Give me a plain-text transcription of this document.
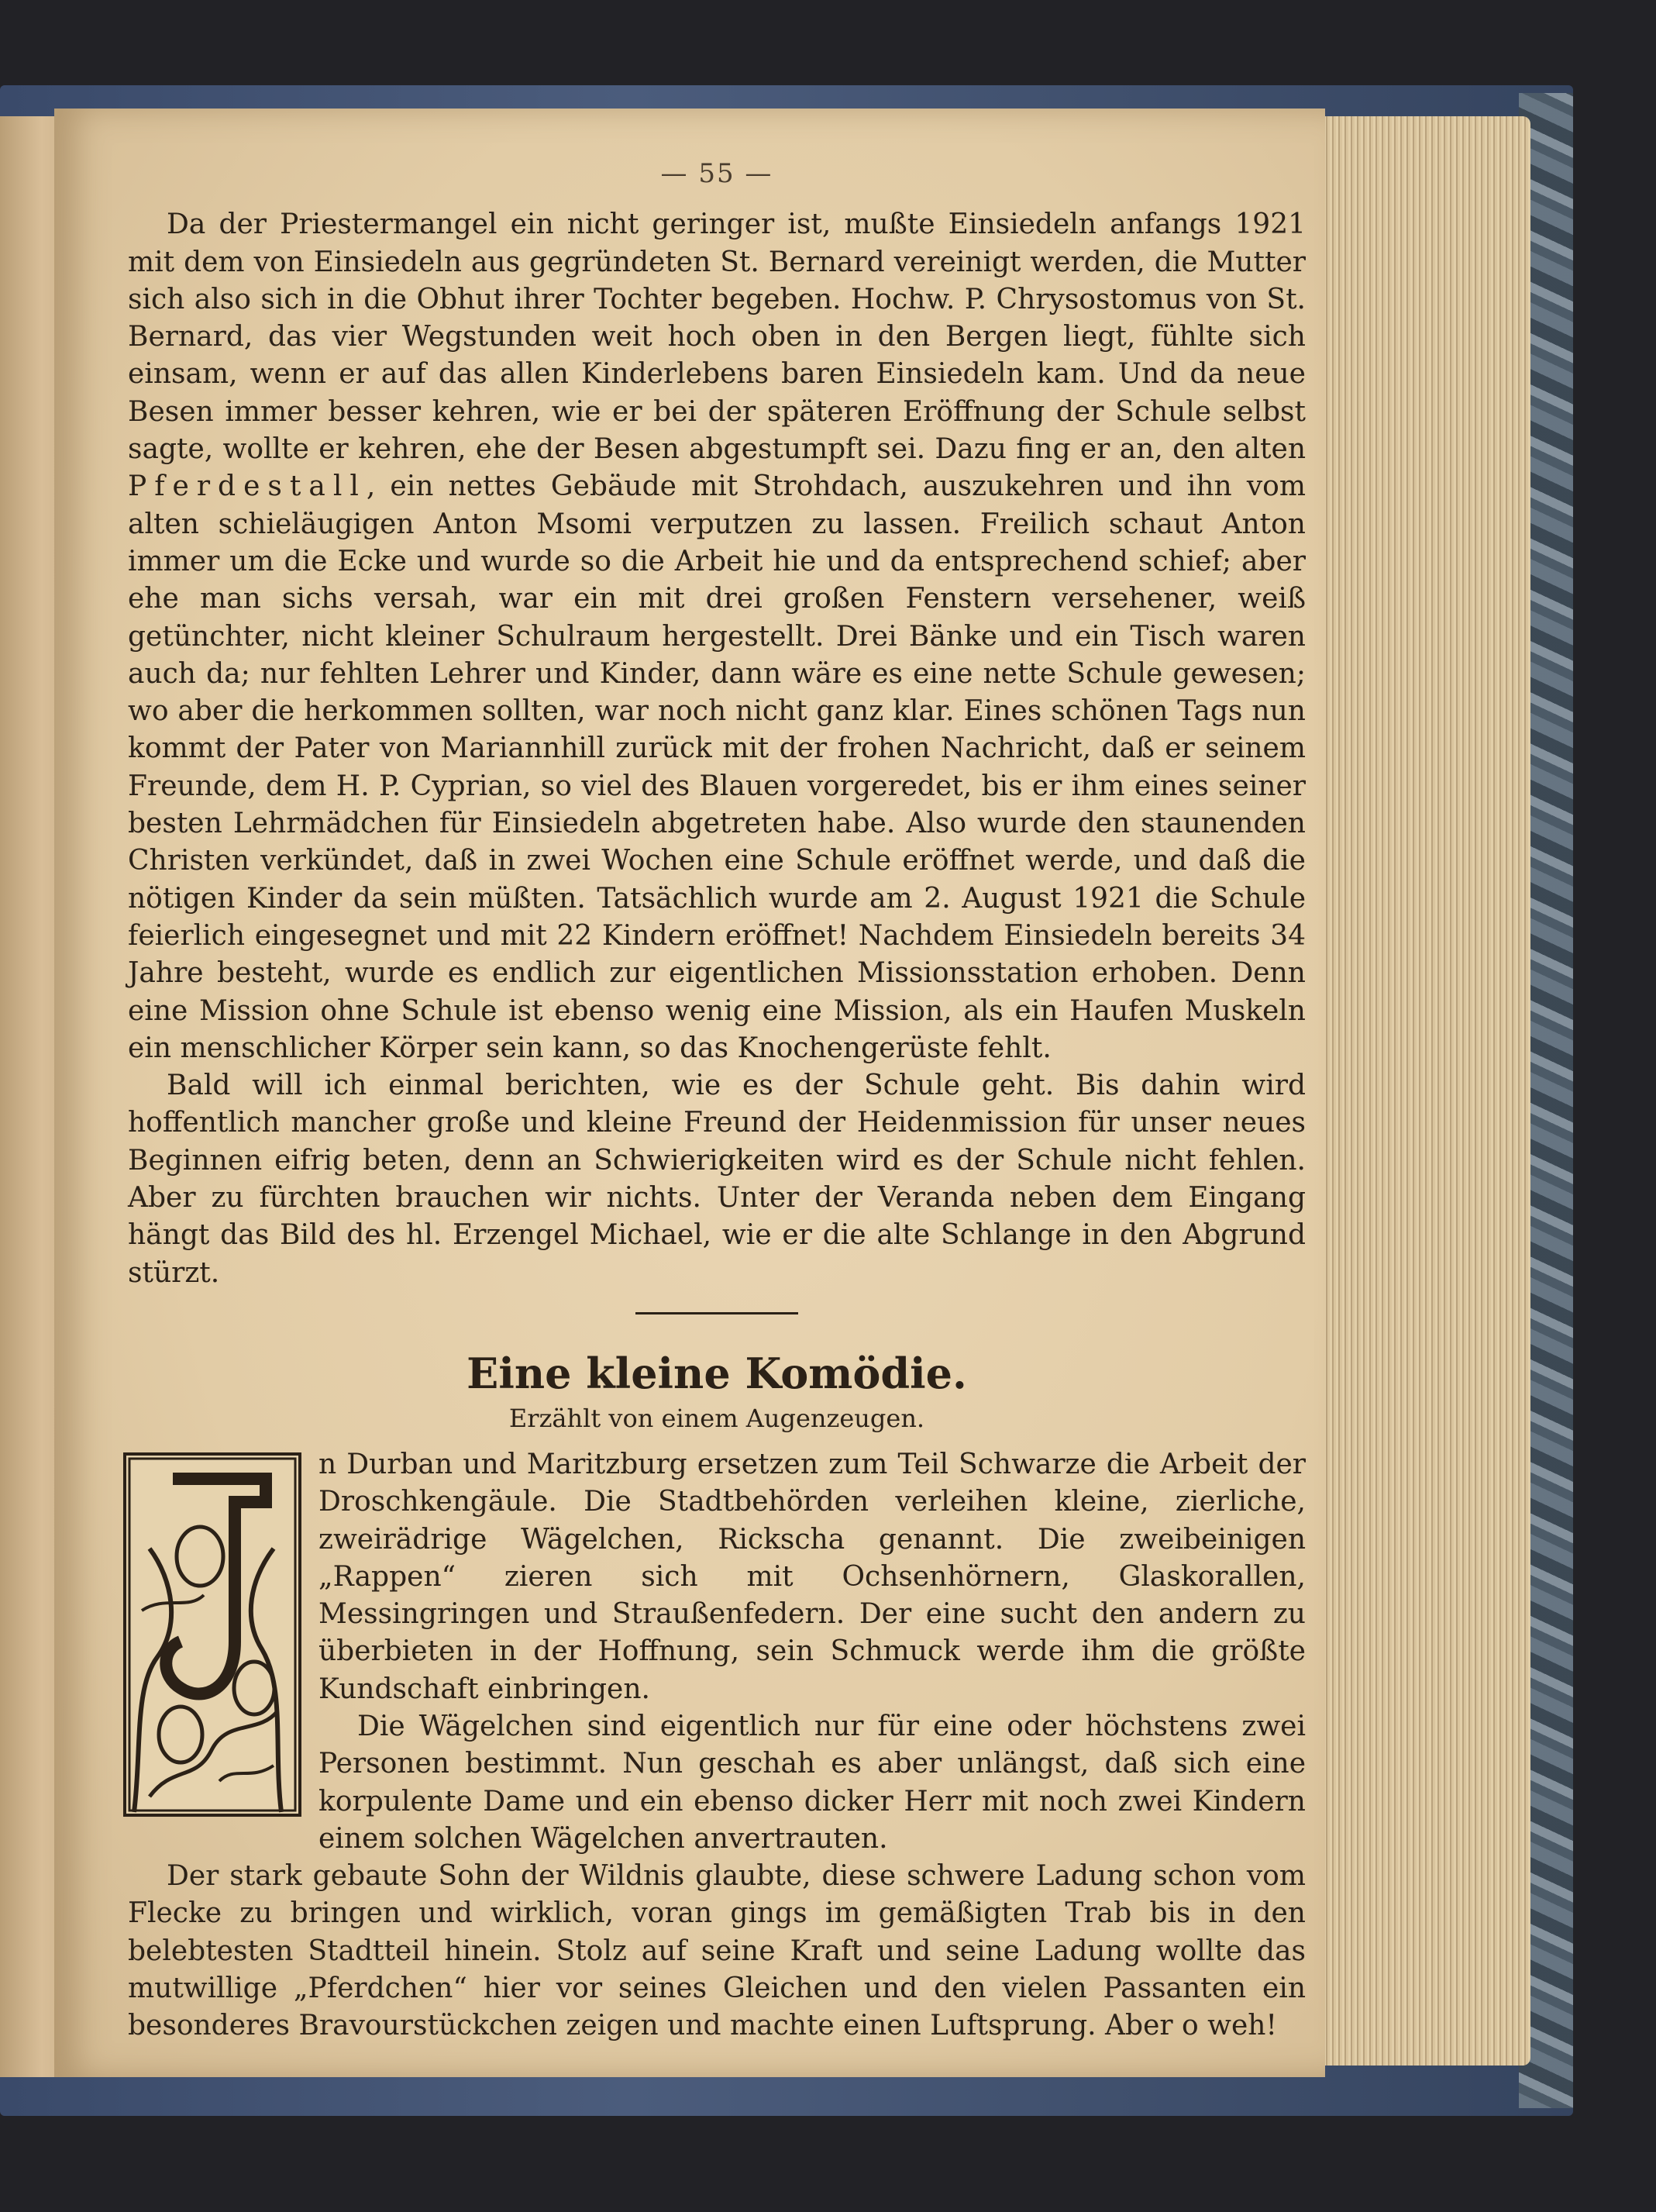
— 55 —

Da der Priestermangel ein nicht geringer ist, mußte Einsiedeln anfangs 1921 mit dem von Einsiedeln aus gegründeten St. Bernard vereinigt werden, die Mutter sich also sich in die Obhut ihrer Tochter begeben. Hochw. P. Chrysostomus von St. Bernard, das vier Wegstunden weit hoch oben in den Bergen liegt, fühlte sich einsam, wenn er auf das allen Kinderlebens baren Einsiedeln kam. Und da neue Besen immer besser kehren, wie er bei der späteren Eröffnung der Schule selbst sagte, wollte er kehren, ehe der Besen abgestumpft sei. Dazu fing er an, den alten Pferdestall, ein nettes Gebäude mit Strohdach, auszukehren und ihn vom alten schieläugigen Anton Msomi verputzen zu lassen. Freilich schaut Anton immer um die Ecke und wurde so die Arbeit hie und da entsprechend schief; aber ehe man sichs versah, war ein mit drei großen Fenstern versehener, weiß getünchter, nicht kleiner Schulraum hergestellt. Drei Bänke und ein Tisch waren auch da; nur fehlten Lehrer und Kinder, dann wäre es eine nette Schule gewesen; wo aber die herkommen sollten, war noch nicht ganz klar. Eines schönen Tags nun kommt der Pater von Mariannhill zurück mit der frohen Nachricht, daß er seinem Freunde, dem H. P. Cyprian, so viel des Blauen vorgeredet, bis er ihm eines seiner besten Lehrmädchen für Einsiedeln abgetreten habe. Also wurde den staunenden Christen verkündet, daß in zwei Wochen eine Schule eröffnet werde, und daß die nötigen Kinder da sein müßten. Tatsächlich wurde am 2. August 1921 die Schule feierlich eingesegnet und mit 22 Kindern eröffnet! Nachdem Einsiedeln bereits 34 Jahre besteht, wurde es endlich zur eigentlichen Missionsstation erhoben. Denn eine Mission ohne Schule ist ebenso wenig eine Mission, als ein Haufen Muskeln ein menschlicher Körper sein kann, so das Knochengerüste fehlt.

Bald will ich einmal berichten, wie es der Schule geht. Bis dahin wird hoffentlich mancher große und kleine Freund der Heidenmission für unser neues Beginnen eifrig beten, denn an Schwierigkeiten wird es der Schule nicht fehlen. Aber zu fürchten brauchen wir nichts. Unter der Veranda neben dem Eingang hängt das Bild des hl. Erzengel Michael, wie er die alte Schlange in den Abgrund stürzt.

Eine kleine Komödie.
Erzählt von einem Augenzeugen.

n Durban und Maritzburg ersetzen zum Teil Schwarze die Arbeit der Droschkengäule. Die Stadtbehörden verleihen kleine, zierliche, zweirädrige Wägelchen, Rickscha genannt. Die zweibeinigen „Rappen“ zieren sich mit Ochsenhörnern, Glaskorallen, Messingringen und Straußenfedern. Der eine sucht den andern zu überbieten in der Hoffnung, sein Schmuck werde ihm die größte Kundschaft einbringen.

Die Wägelchen sind eigentlich nur für eine oder höchstens zwei Personen bestimmt. Nun geschah es aber unlängst, daß sich eine korpulente Dame und ein ebenso dicker Herr mit noch zwei Kindern einem solchen Wägelchen anvertrauten.

Der stark gebaute Sohn der Wildnis glaubte, diese schwere Ladung schon vom Flecke zu bringen und wirklich, voran gings im gemäßigten Trab bis in den belebtesten Stadtteil hinein. Stolz auf seine Kraft und seine Ladung wollte das mutwillige „Pferdchen“ hier vor seines Gleichen und den vielen Passanten ein besonderes Bravourstückchen zeigen und machte einen Luftsprung. Aber o weh!
